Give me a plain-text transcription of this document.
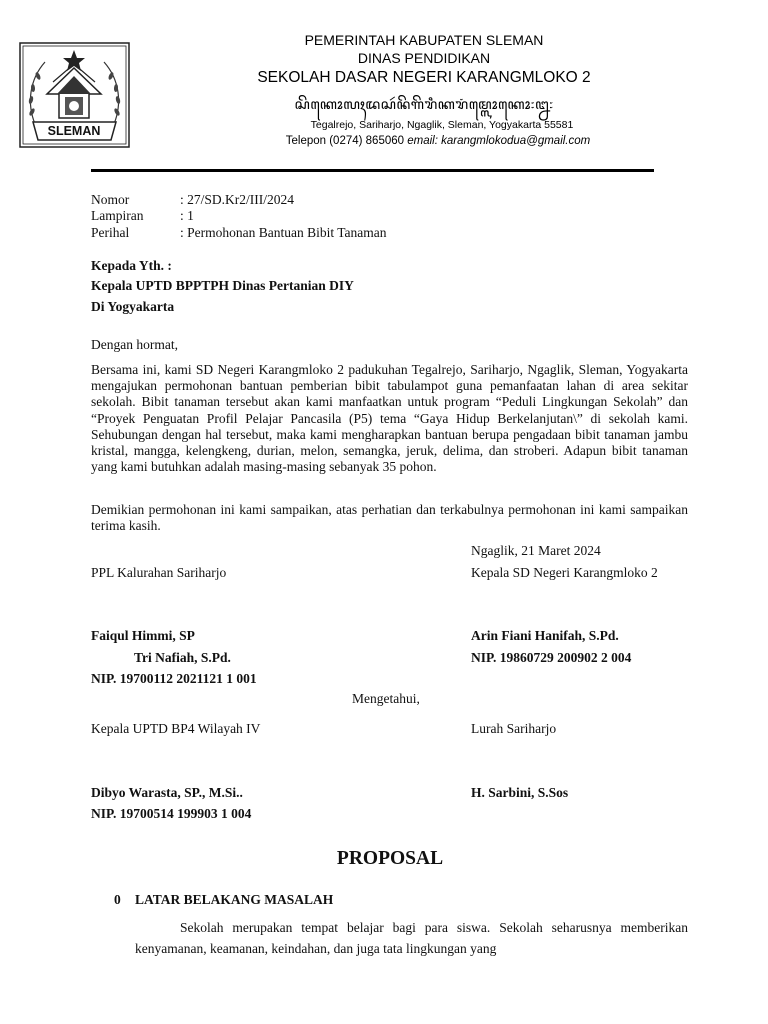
SLEMAN
PEMERINTAH KABUPATEN SLEMAN
DINAS PENDIDIKAN
SEKOLAH DASAR NEGERI KARANGMLOKO 2
ꦱꦼꦏꦺꦴꦭꦃꦢꦱꦂꦤꦼꦒꦼꦫꦶꦏꦫꦁꦩ꧀ꦭꦺꦴꦏꦺꦴ꧇꧒꧇
Tegalrejo, Sariharjo, Ngaglik, Sleman, Yogyakarta 55581
Telepon (0274) 865060 email: karangmlokodua@gmail.com
Nomor	: 27/SD.Kr2/III/2024
Lampiran	: 1
Perihal	: Permohonan Bantuan Bibit Tanaman
Kepada Yth. :
Kepala UPTD BPPTPH Dinas Pertanian DIY
Di Yogyakarta
Dengan hormat,
Bersama ini, kami SD Negeri Karangmloko 2 padukuhan Tegalrejo, Sariharjo, Ngaglik, Sleman, Yogyakarta mengajukan permohonan bantuan pemberian bibit tabulampot guna pemanfaatan lahan di area sekitar sekolah. Bibit tanaman tersebut akan kami manfaatkan untuk program “Peduli Lingkungan Sekolah” dan “Proyek Penguatan Profil Pelajar Pancasila (P5) tema “Gaya Hidup Berkelanjutan\” di sekolah kami. Sehubungan dengan hal tersebut, maka kami mengharapkan bantuan berupa pengadaan bibit tanaman jambu kristal, mangga, kelengkeng, durian, melon, semangka, jeruk, delima, dan stroberi. Adapun bibit tanaman yang kami butuhkan adalah masing-masing sebanyak 35 pohon.
Demikian permohonan ini kami sampaikan, atas perhatian dan terkabulnya permohonan ini kami sampaikan terima kasih.
Ngaglik, 21 Maret 2024
PPL Kalurahan Sariharjo	Kepala SD Negeri Karangmloko 2
Faiqul Himmi, SP	Arin Fiani Hanifah, S.Pd.
Tri Nafiah, S.Pd.	NIP. 19860729 200902 2 004
NIP. 19700112 2021121 1 001
Mengetahui,
Kepala UPTD BP4 Wilayah IV	Lurah Sariharjo
Dibyo Warasta, SP., M.Si..	H. Sarbini, S.Sos
NIP. 19700514 199903 1 004
PROPOSAL
0 LATAR BELAKANG MASALAH
Sekolah merupakan tempat belajar bagi para siswa. Sekolah seharusnya memberikan kenyamanan, keamanan, keindahan, dan juga tata lingkungan yang
